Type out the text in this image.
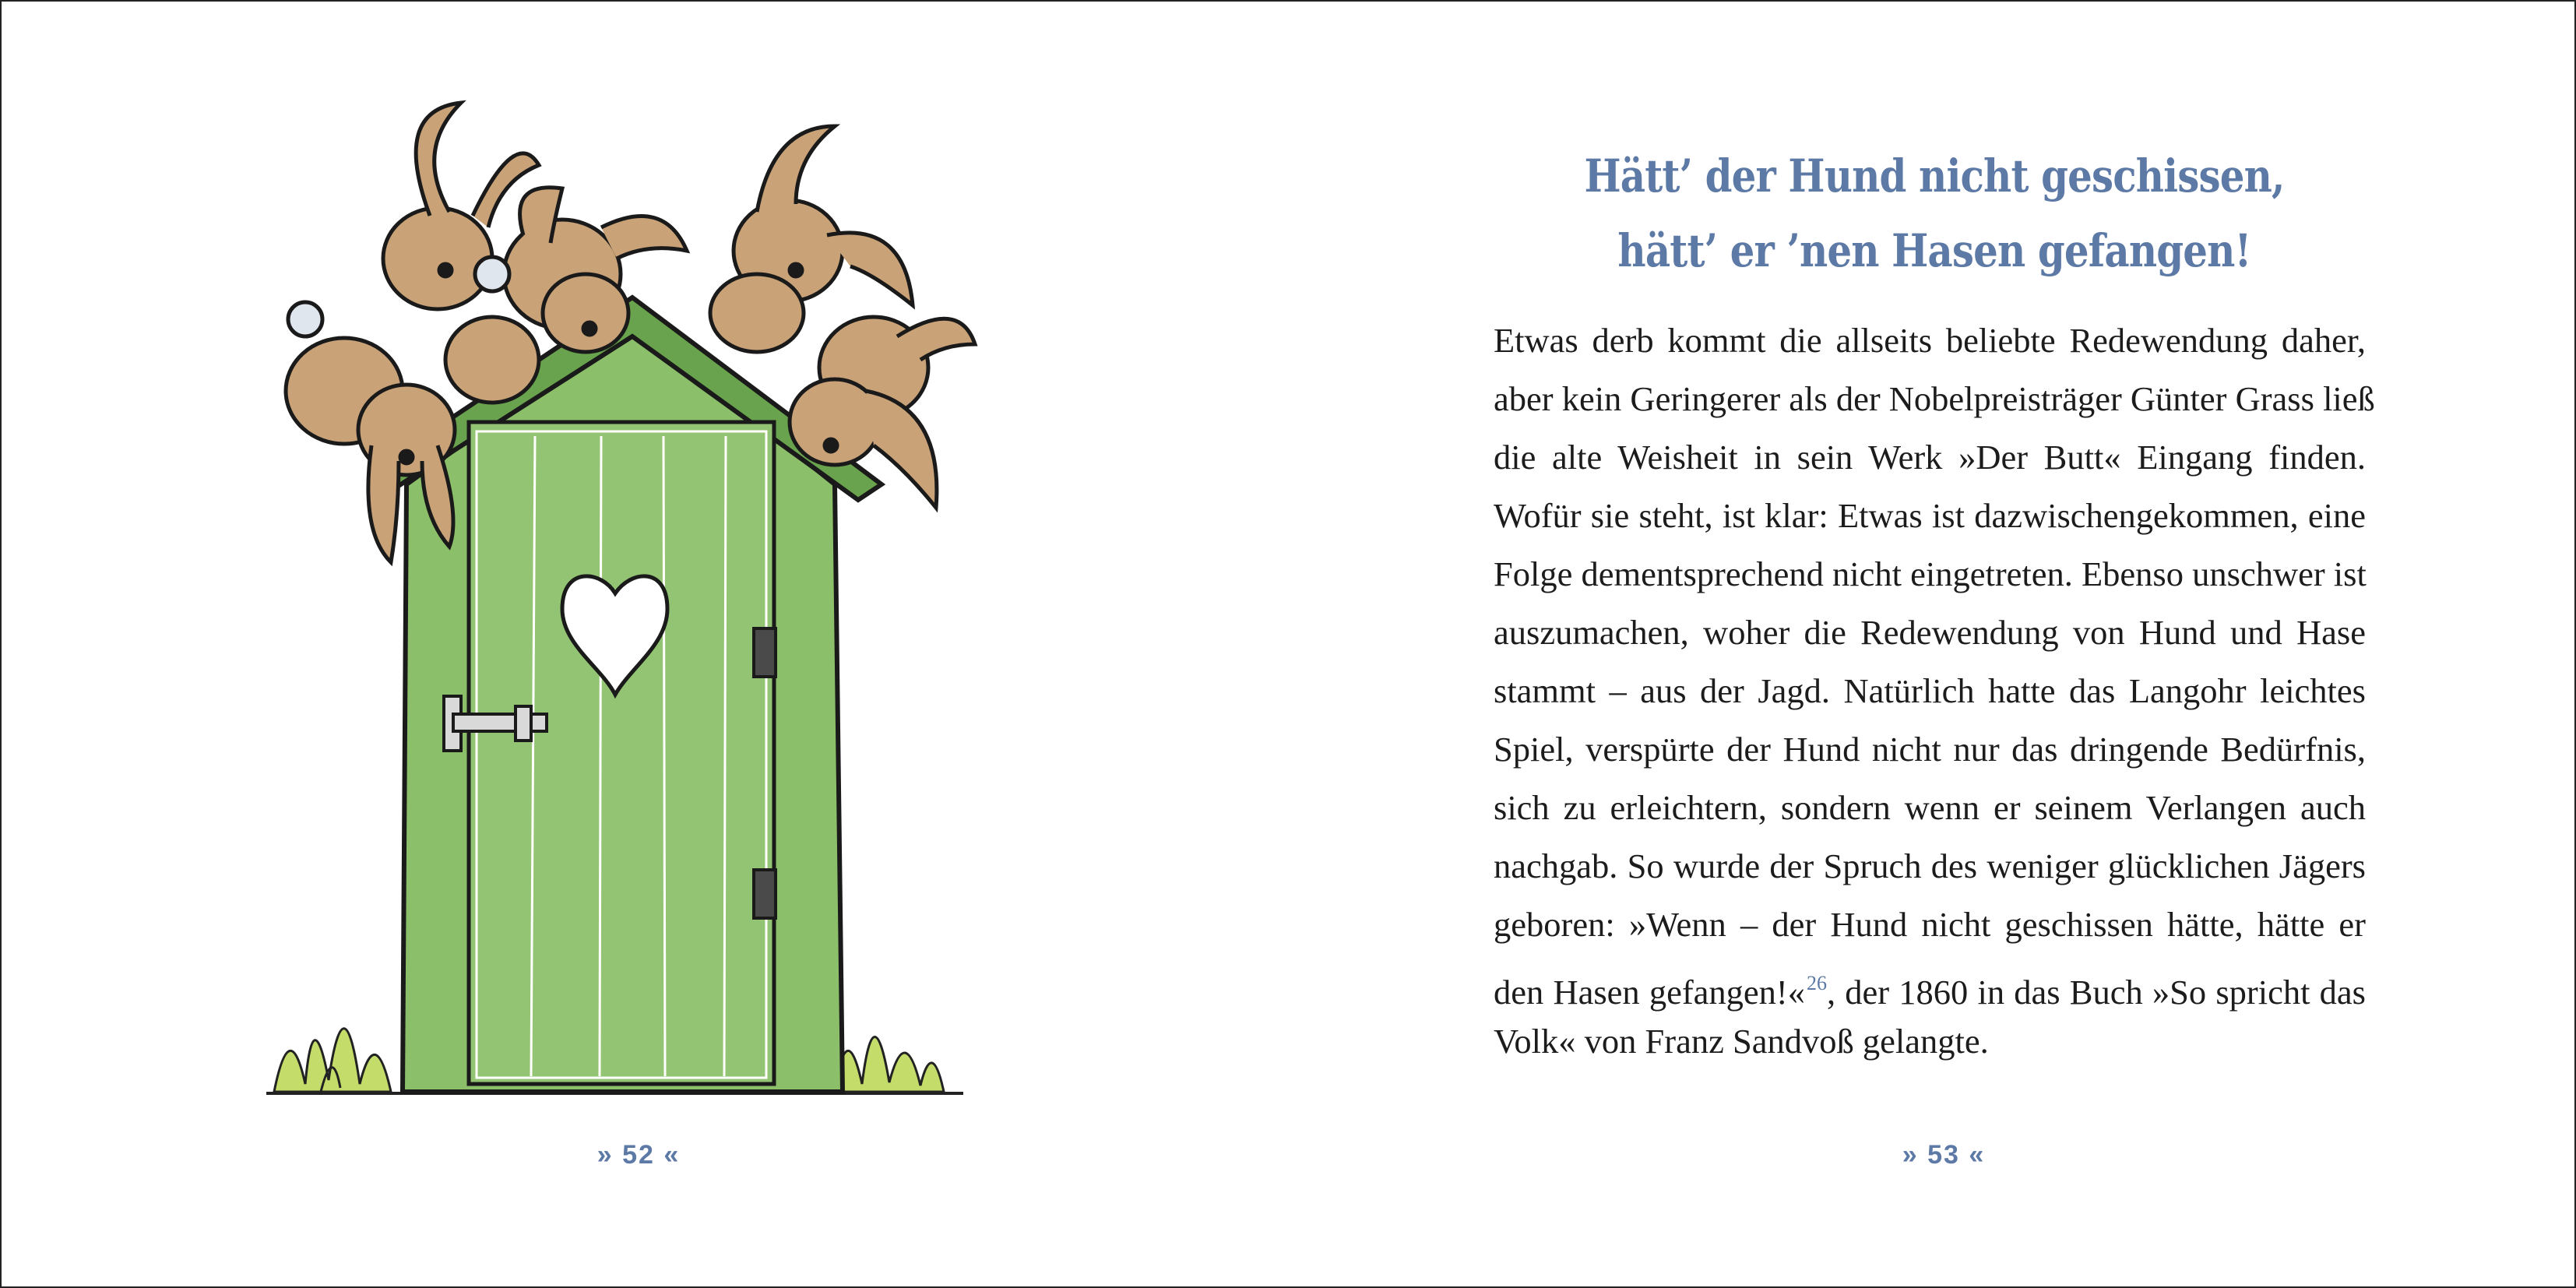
» 52 «
Hätt’ der Hund nicht geschissen,
hätt’ er ’nen Hasen gefangen!
Etwas derb kommt die allseits beliebte Redewendung daher,
aber kein Geringerer als der Nobelpreisträger Günter Grass ließ
die alte Weisheit in sein Werk »Der Butt« Eingang finden.
Wofür sie steht, ist klar: Etwas ist dazwischengekommen, eine
Folge dementsprechend nicht eingetreten. Ebenso unschwer ist
auszumachen, woher die Redewendung von Hund und Hase
stammt – aus der Jagd. Natürlich hatte das Langohr leichtes
Spiel, verspürte der Hund nicht nur das dringende Bedürfnis,
sich zu erleichtern, sondern wenn er seinem Verlangen auch
nachgab. So wurde der Spruch des weniger glücklichen Jägers
geboren: »Wenn – der Hund nicht geschissen hätte, hätte er
den Hasen gefangen!«$^{26}$, der 1860 in das Buch »So spricht das
Volk« von Franz Sandvoß gelangte.
» 53 «
